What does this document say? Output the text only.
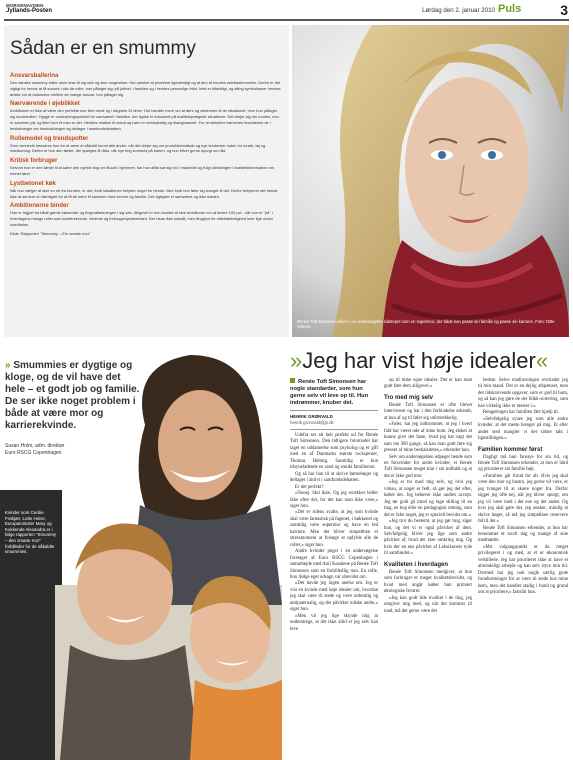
MORGENAVISEN
Jyllands-Posten	Lørdag den 2. januar 2010 Puls	3
Sådan er en smummy
Ansvarsballerina

Den danske smummy stiller store krav til sig selv og sine omgivelser. Hun ønsker at prioritere ligeværdigt og at den af hendes selvfrastemnelse. Derfor er det vigtigt for hende at få succes i alle de roller, hun påtager sig: på jobbet, i familien og i hendes personlige fritid. Intet er tilfældigt, og alting symboliserer hendes ønske om at balancere mellem de mange ansvar, hun påtager sig.

Nærværende i øjeblikket

Ambitionen er ikke at være den perfekte mor året rundt og i døgnets 24 timer. Det handler mere om at lære og afstemme til de situationer, hvor hun påtager sig moderrollen. Hygge er omdrejningspunktet for samværet i familien, der typisk er fokuseret på kvalitetsprægede situationer. Det drejer sig om moden, mor er sammen på, og ikke hvor tit man er det. Hendes relation til mand og børn er venskabelig og dialogbaseret. For at stimulere børnenes livsvidenes de i besluttninger om husholdningen og deltager i samfundsdebatten.

Rollemodel og trendspotter

Som venninde besvares hun for at være et såkaldt forum alle andre, når det drejer sig om produktkendskab og nye tendenser inden for musik, tøj og madlavning. Derfor er hun den første, der spørges til råds, når nye ting kommes på banen, og hun bliver gerne spurgt om råd.

Kritisk forbruger

Selvom hun er den første til at købe den nyeste bog om Buutil i hjemmet, har hun alltid sat sig ind i markedet og fulgt udviklingen i kvalitetsinformation om emnet først.

Lystbetonet køk

Når hun vælger at lave en ret fra bunden, er det, fordi situationen betyder noget for hende. Ikke fordi hun føler sig tvunget til det. Derfor bekymrer det hende ikke at servere en færdigret for at få tid mere til sammen med venner og familie. Det vigtigste er samværet og ikke maden.

Ambitionerne binder

Hun er frigjort fra både gamle kønsroller og fingeraflæsningen i sig selv. Alligevel er hun bundet af sine ambitioner om at levere 100 pct., når hun er "på" i hverdagens mange roller som karrierekvinde, veninde og forbrugsrepræsentant. Det visas ikke udadtil, men ffnygtun for utilstrækkelighed lurer lige under overfladen.

Kilde: Rapporten "Smummy – Ere smarte mor"

Renée Toft Simonsen bliver i en undersøgelse sidstepet som en supermor, der både kan passe sin familie og passe sin karriere. Foto: Ditte Valente
» Smummies er dygtige og kloge, og de vil have det hele – et godt job og familie. De ser ikke noget problem i både at være mor og karrierekvinde.
Susan Holm, adm. direktør
Euro RSCG Copenhagen
Kvinder som Cecilie Frøkjær, Lotte Heise, Europaminister Mary og Kokkende Alexandra er i følge rapporten "Smummy – den smarte mor" forbilleder for de såkaldte smummies.
»Jeg har vist høje idealer«
Renée Toft Simonsen har nogle standarder, som hun gerne selv vil leve op til. Hun indrømmer, knuber det.
HENRIK GRØNVALD
henrik.gronvald@jp.dk

Udefra ser alt helt perfekt ud for Renée Toft Simonsen. Den tidligere fotomodel har taget en uddannelse som psykolog og er gift med en af Danmarks største rocksjerner, Thomas Helmig. Samtidig er hun tilsyneladende en sand og smukt familiemor.

Og så har hun til at skrive børnebøger og deltager i aktivt i samfundsdebatten.

Er det perfekt?

»Nooej. Skit ikke. Og jeg strækker heller ikke efter det, for det kan man ikke være,« siger hun.

»Det er ridens svalte, at jeg som kvinde skal være fantastisk på fagenet, i køkkenet og samtidig være supermor og have en fed karriere. Men det bliver simpelthen et stressmoment at forsøge at opfylde alle de roller,« siger hun.

Andre kvinder peger i en undersøgelse foretaget af Euro RSCG Copenhagen i samarbejde med Anil Kosalene på Renée Toft Simonsen som en forbilledlig mor. En rolle, hun ifølge eget udsagn var ubevidst om.

»Det havde jeg ingen anelse om. Jeg er vist en kvinde med høje idealer om, hvordan jeg skal være til stede og være ordentlig og antipaternalig, og det påvirker måske andre,« siger hun.

»Men vil jeg lige skynde mig at understrege, at det ikke altid er jeg selv kan leve

op til mine egne idealer. Det er kan man godt føre dem alligevel.«

Tro med mig selv

Renée Toft Simonsen er ofte blevet interviewet og har i den forbindelse erkendt, at hun af og til føler sig utilstrækkelig.

»Føler, hat jeg indtrommet, at jeg i hvert fald har været ude af mine hum. Jeg elsker at kunne give det faste, hvad jeg har sagt det sam me 360 gange, så kan man godt føre sig presset af mine bestialsitetes,« erkender hun.

Selv om undersøgelsen udpeger hende som en forsvinder for andre kvinder, er Renée Toft Simonsen meget klar i sin indfaldt og at det er ikke god mor.

»Jeg er tro mod mig selv, og hvis jeg vimsu, at noget er fedt, så gør jeg det efter, købet det. Jeg behøver ikke andres accept. Jeg tør godt gå imod og tage stilling til en ting, en bog eller en pædagogisk retning, som det er ikke noget, jeg er specielt bevidst om.«

»Jeg tror du bestemt, at jeg gør ting, siger hun, og det vi er også påvirket af dem. Selvfølgelig bliver jeg lige som andre påvirket af, hvad der sker omkring mig. Og hvis der en ens påvirket af Leksikonets tyde til samfundet.«

Kvaliteten i hverdagen

Renée Toft Simonsen medgiver, at hun som forbruger er meget kvalitetsbevidst, og hvad med angår køber hun primært økologiske levarer.

»Jeg kan godt lide kvalitet i de ting, jeg omgiver mig med, og når det kommer til mad, må det gerne være det

bedste. Selve madlavningen overlader jeg til min mand. Det er en dejlig afspænset, men det tidskrævende opgaver, som er god til hum, og så kan jeg gøre de der blikk-sortering, som han virkelig ikke er mester i.«

Rengøringen har familien fået hjælp til.

»Selvfølgelig synes jeg som alle andre kvinder, at det meste hænger på mig. Et eller andet sted mangler vi det sidste takt i ligestillingen.«

Familien kommer først

Dagligt må hun fareaye for sin tid, og Renée Toft Simonsen erkender, at hun er hård og prioriterer sin familie højt.

»Familien går forud for alt. Hvis jeg skal være den mor og hustru, jeg gerne vil være, er jeg tvunget til at skære noget fra. Derfor sigger jeg ofte nej, når jeg bliver spurgt, om jeg vil være med i det ene og det andet. Og hvis jeg skal gøre det, jeg ønsker, mindig at skrive bøger, så må jeg simpelthen reservere tid til det.«

Renée Toft Simonsen erkender, at hun har henommet et travlt dag og mange af sine medmødre.

»Mit valgangspunkt er da meget privilegeret i og med, at et er økonomisk velstillede. Jeg har prioriteret ikke at have et almindeligt arbejde og kan selv styre min tid. Dermed har jeg nok nogle særlig gode forudsætninger for at være til stede hos mine børn, men det handler stadig i bund og grund om at prioritere,« fastslår hun.
